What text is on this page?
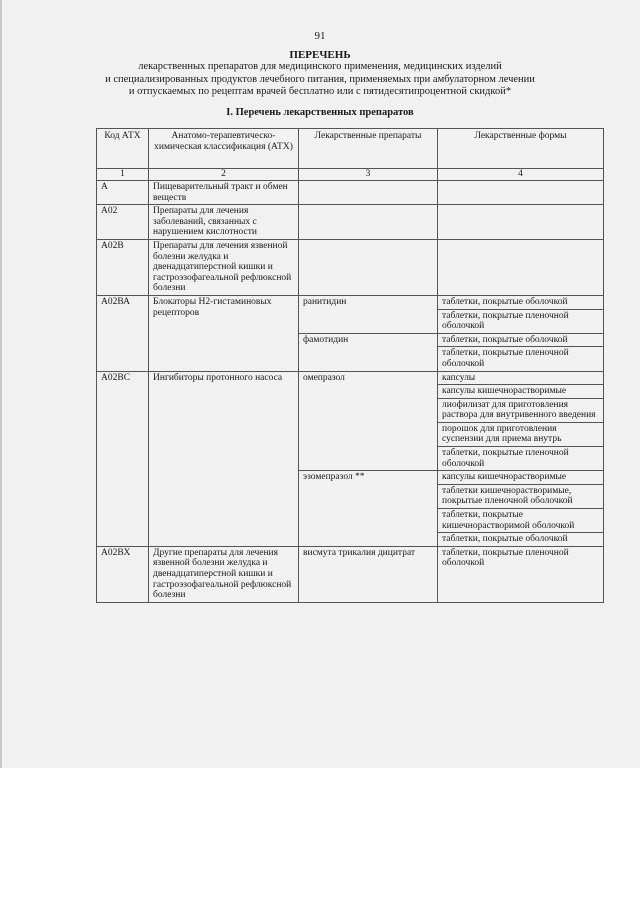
91
ПЕРЕЧЕНЬ
лекарственных препаратов для медицинского применения, медицинских изделий
и специализированных продуктов лечебного питания, применяемых при амбулаторном лечении
и отпускаемых по рецептам врачей бесплатно или с пятидесятипроцентной скидкой*
I. Перечень лекарственных препаратов
Код АТХ	Анатомо-терапевтическо-химическая классификация (АТХ)	Лекарственные препараты	Лекарственные формы
1	2	3	4
А	Пищеварительный тракт и обмен веществ		
А02	Препараты для лечения заболеваний, связанных с нарушением кислотности		
А02В	Препараты для лечения язвенной болезни желудка и двенадцатиперстной кишки и гастроэзофагеальной рефлюксной болезни		
А02ВА	Блокаторы Н2-гистаминовых рецепторов	ранитидин	таблетки, покрытые оболочкой
			таблетки, покрытые пленочной оболочкой
		фамотидин	таблетки, покрытые оболочкой
			таблетки, покрытые пленочной оболочкой
А02ВС	Ингибиторы протонного насоса	омепразол	капсулы
			капсулы кишечнорастворимые
			лиофилизат для приготовления раствора для внутривенного введения
			порошок для приготовления суспензии для приема внутрь
			таблетки, покрытые пленочной оболочкой

		эзомепразол **	капсулы кишечнорастворимые
			таблетки кишечнорастворимые, покрытые пленочной оболочкой
			таблетки, покрытые кишечнорастворимой оболочкой
			таблетки, покрытые оболочкой
А02ВХ	Другие препараты для лечения язвенной болезни желудка и двенадцатиперстной кишки и гастроэзофагеальной рефлюксной болезни	висмута трикалия дицитрат	таблетки, покрытые пленочной оболочкой
